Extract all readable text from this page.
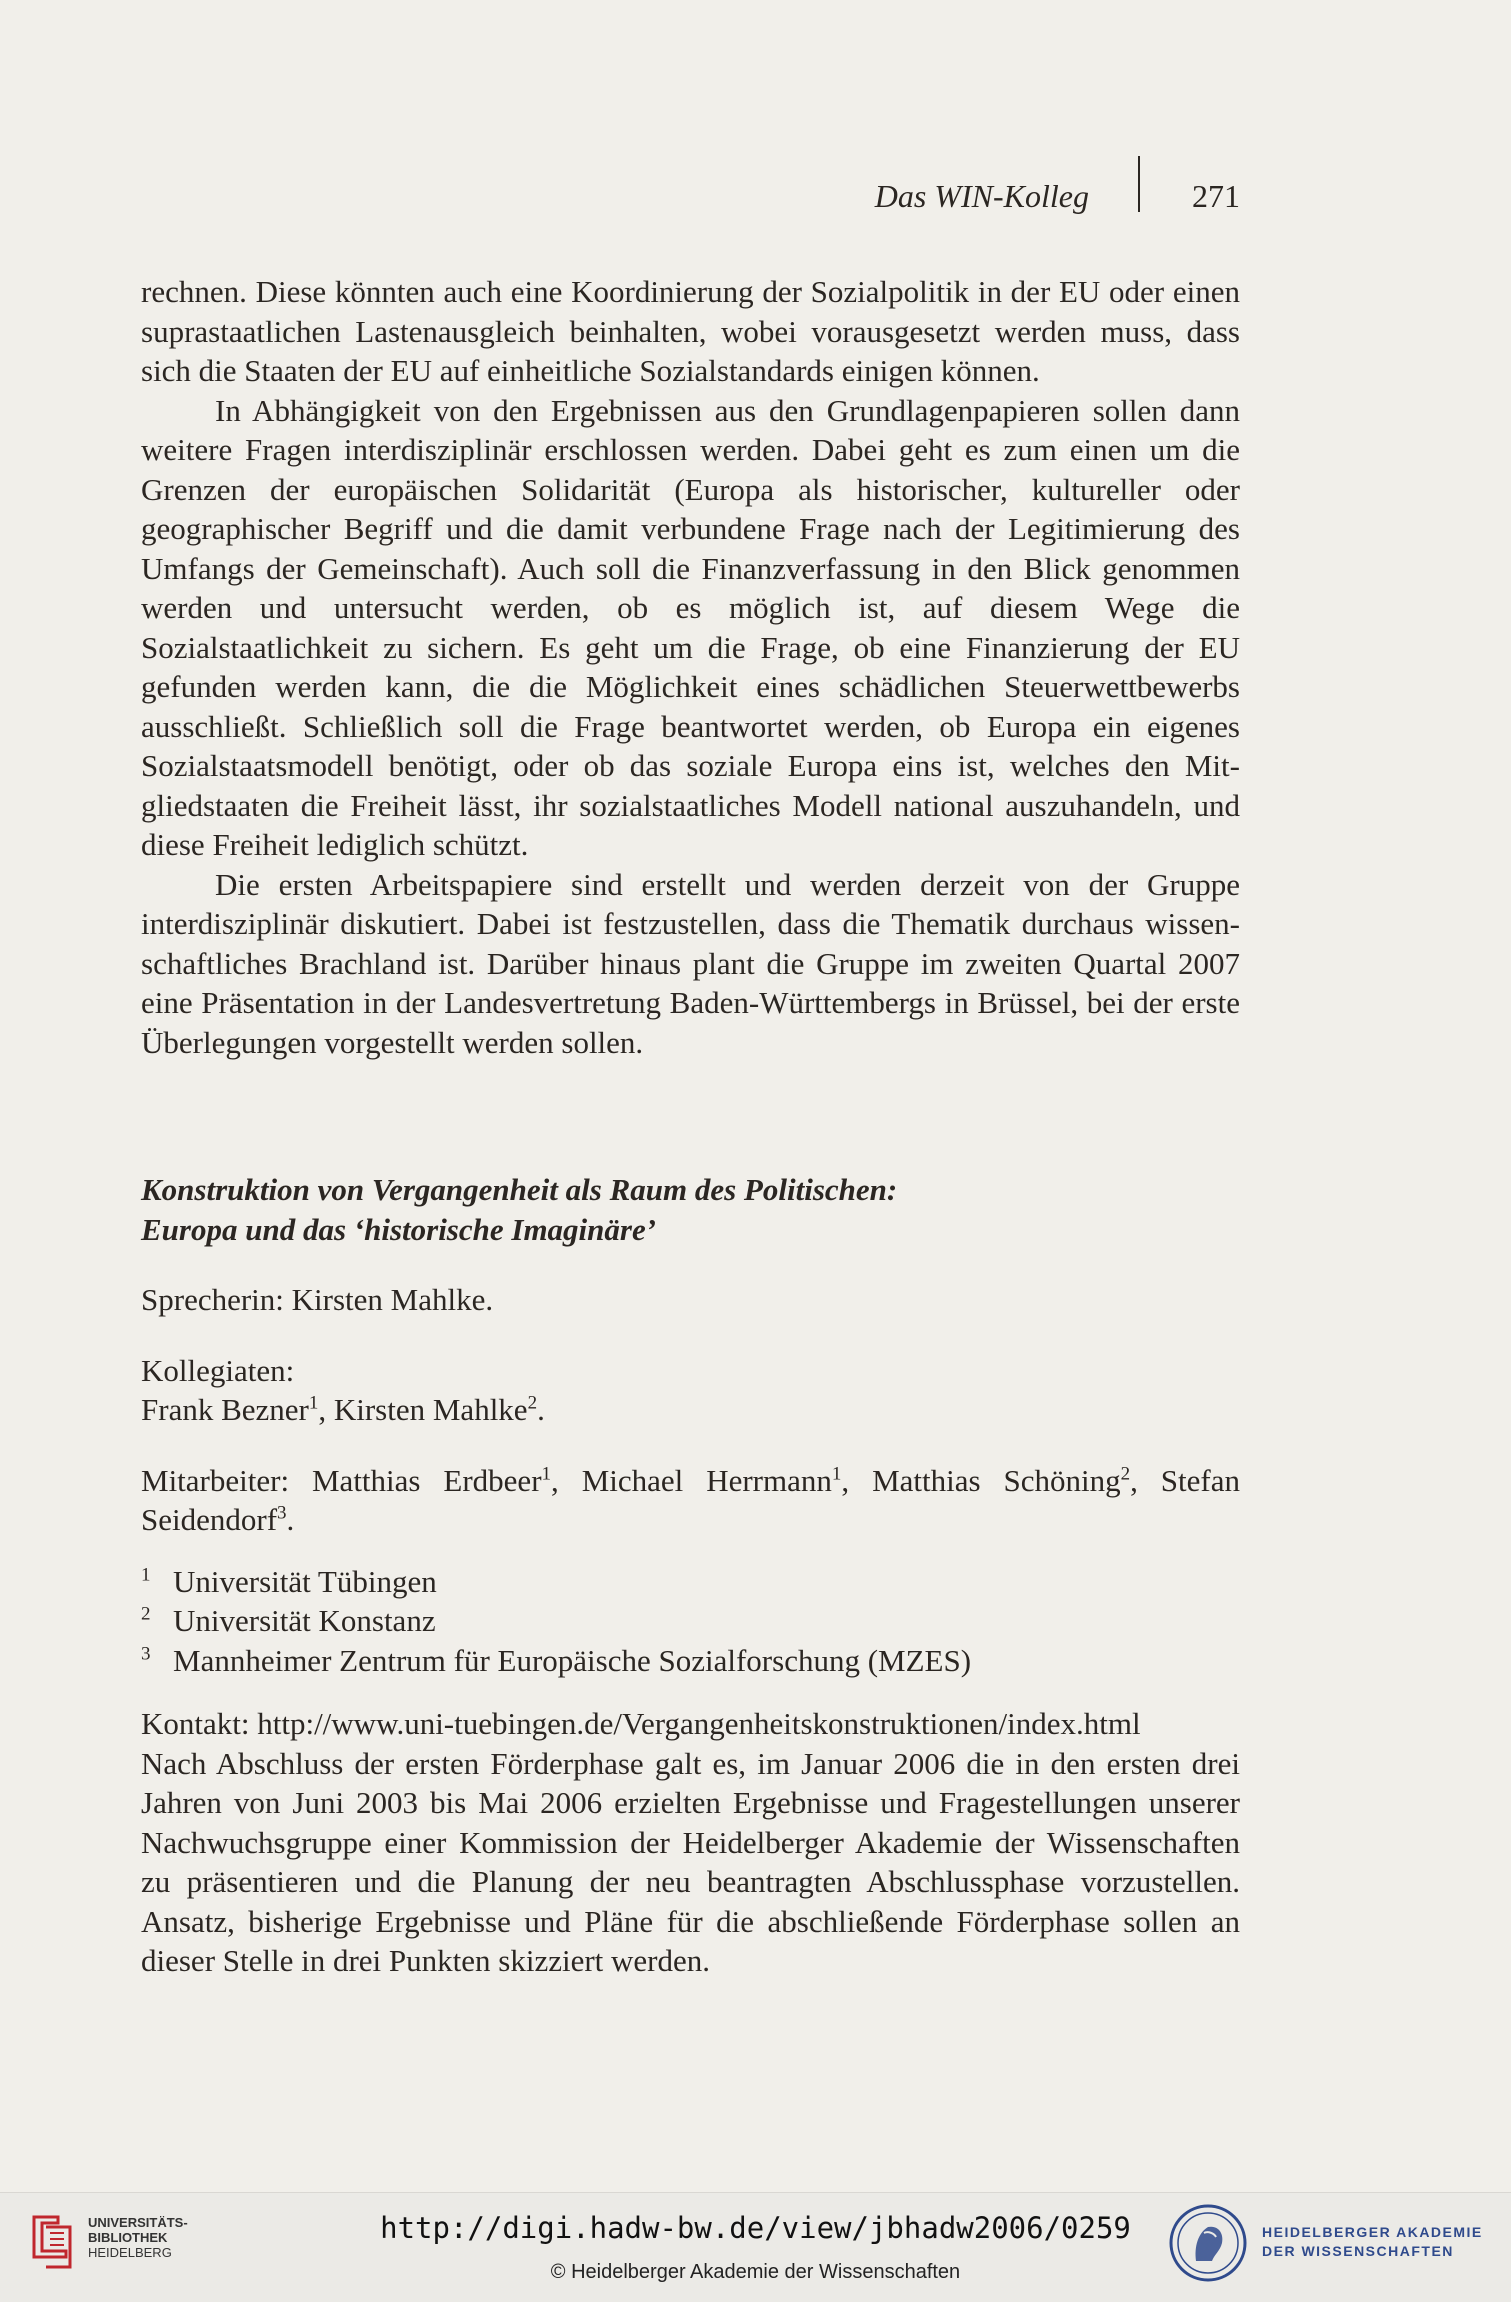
Das WIN-Kolleg	271

rechnen. Diese könnten auch eine Koordinierung der Sozialpolitik in der EU oder einen suprastaatlichen Lastenausgleich beinhalten, wobei vorausgesetzt werden muss, dass sich die Staaten der EU auf einheitliche Sozialstandards einigen können.

In Abhängigkeit von den Ergebnissen aus den Grundlagenpapieren sollen dann weitere Fragen interdisziplinär erschlossen werden. Dabei geht es zum einen um die Grenzen der europäischen Solidarität (Europa als historischer, kultureller oder geographischer Begriff und die damit verbundene Frage nach der Legitimierung des Umfangs der Gemeinschaft). Auch soll die Finanzverfassung in den Blick genommen werden und untersucht werden, ob es möglich ist, auf diesem Wege die Sozialstaatlichkeit zu sichern. Es geht um die Frage, ob eine Finanzierung der EU gefunden werden kann, die die Möglichkeit eines schädlichen Steuerwettbewerbs ausschließt. Schließlich soll die Frage beantwortet werden, ob Europa ein eigenes Sozialstaatsmodell benötigt, oder ob das soziale Europa eins ist, welches den Mitgliedstaaten die Freiheit lässt, ihr sozialstaatliches Modell national auszuhandeln, und diese Freiheit lediglich schützt.

Die ersten Arbeitspapiere sind erstellt und werden derzeit von der Gruppe interdisziplinär diskutiert. Dabei ist festzustellen, dass die Thematik durchaus wissenschaftliches Brachland ist. Darüber hinaus plant die Gruppe im zweiten Quartal 2007 eine Präsentation in der Landesvertretung Baden-Württembergs in Brüssel, bei der erste Überlegungen vorgestellt werden sollen.

Konstruktion von Vergangenheit als Raum des Politischen:
Europa und das ‘historische Imaginäre’
Sprecherin: Kirsten Mahlke.
Kollegiaten:
Frank Bezner$^1$, Kirsten Mahlke$^2$.
Mitarbeiter: Matthias Erdbeer$^1$, Michael Herrmann$^1$, Matthias Schöning$^2$, Stefan Seidendorf$^3$.
$^1$ Universität Tübingen
$^2$ Universität Konstanz
$^3$ Mannheimer Zentrum für Europäische Sozialforschung (MZES)
Kontakt: http://www.uni-tuebingen.de/Vergangenheitskonstruktionen/index.html

Nach Abschluss der ersten Förderphase galt es, im Januar 2006 die in den ersten drei Jahren von Juni 2003 bis Mai 2006 erzielten Ergebnisse und Fragestellungen unserer Nachwuchsgruppe einer Kommission der Heidelberger Akademie der Wissenschaften zu präsentieren und die Planung der neu beantragten Abschlussphase vorzustellen. Ansatz, bisherige Ergebnisse und Pläne für die abschließende Förderphase sollen an dieser Stelle in drei Punkten skizziert werden.

UNIVERSITÄTS-
BIBLIOTHEK
HEIDELBERG
http://digi.hadw-bw.de/view/jbhadw2006/0259
© Heidelberger Akademie der Wissenschaften
HEIDELBERGER AKADEMIE
DER WISSENSCHAFTEN
